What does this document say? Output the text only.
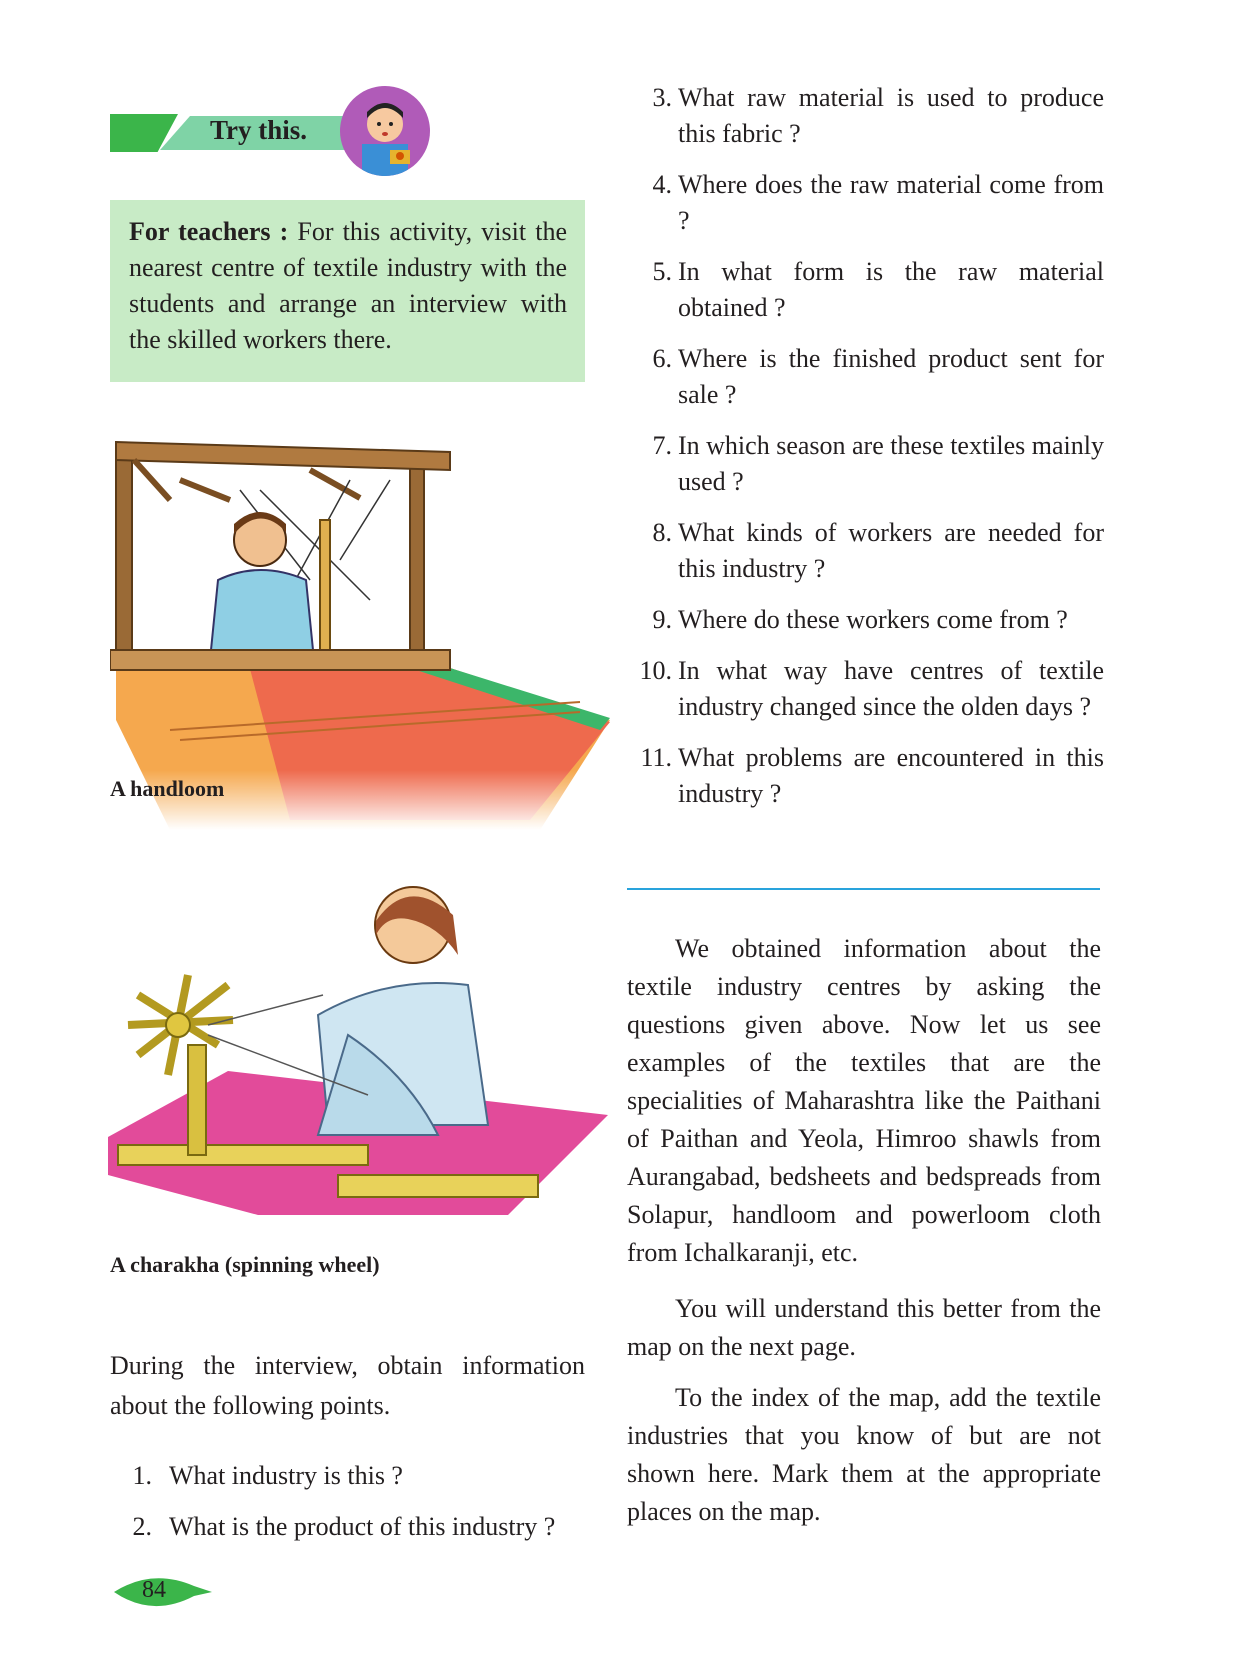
Try this.

For teachers : For this activity, visit the nearest centre of textile industry with the students and arrange an interview with the skilled workers there.

A handloom
A charakha (spinning wheel)

During the interview, obtain information about the following points.

1. What industry is this ?
2. What is the product of this industry ?
3. What raw material is used to produce this fabric ?
4. Where does the raw material come from ?
5. In what form is the raw material obtained ?
6. Where is the finished product sent for sale ?
7. In which season are these textiles mainly used ?
8. What kinds of workers are needed for this industry ?
9. Where do these workers come from ?
10. In what way have centres of textile industry changed since the olden days ?
11. What problems are encountered in this industry ?

We obtained information about the textile industry centres by asking the questions given above. Now let us see examples of the textiles that are the specialities of Maharashtra like the Paithani of Paithan and Yeola, Himroo shawls from Aurangabad, bedsheets and bedspreads from Solapur, handloom and powerloom cloth from Ichalkaranji, etc.

You will understand this better from the map on the next page.

To the index of the map, add the textile industries that you know of but are not shown here. Mark them at the appropriate places on the map.

84
